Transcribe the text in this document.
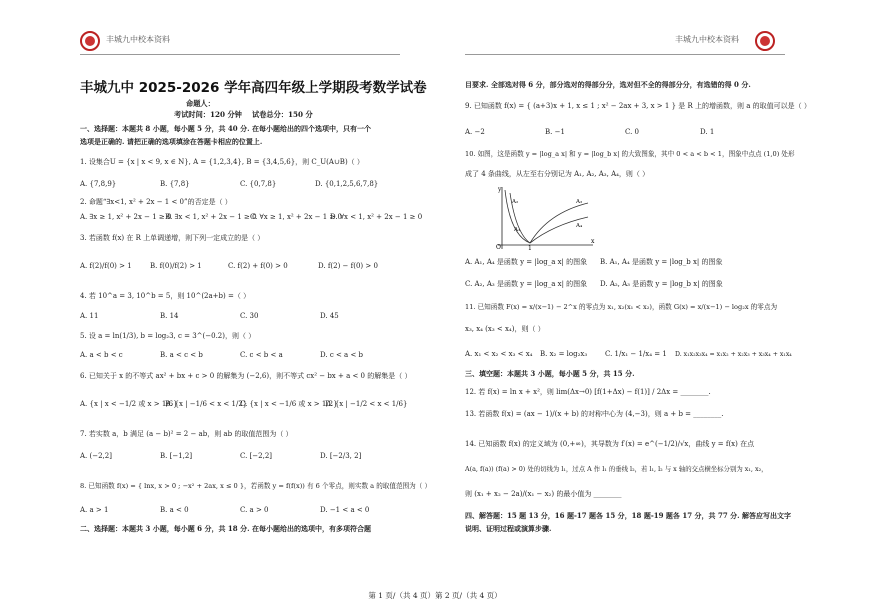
丰城九中校本资料
丰城九中 2025-2026 学年高四年级上学期段考数学试卷
命题人：
考试时间：120 分钟 试卷总分：150 分
一、选择题：本题共 8 小题，每小题 5 分，共 40 分. 在每小题给出的四个选项中，只有一个
选项是正确的. 请把正确的选项填涂在答题卡相应的位置上.
1. 设集合U = {x | x < 9, x ∈ N}, A = {1,2,3,4}, B = {3,4,5,6}，则 C_U(A∪B)（ ）
A. {7,8,9}	B. {7,8}	C. {0,7,8}	D. {0,1,2,5,6,7,8}
2. 命题“∃x<1, x² + 2x − 1 < 0”的否定是（ ）
A. ∃x ≥ 1, x² + 2x − 1 ≥ 0
B. ∃x < 1, x² + 2x − 1 ≥ 0
C. ∀x ≥ 1, x² + 2x − 1 ≥ 0
D. ∀x < 1, x² + 2x − 1 ≥ 0
3. 若函数 f(x) 在 R 上单调递增，则下列一定成立的是（ ）
A. f(2)/f(0) > 1	B. f(0)/f(2) > 1	C. f(2) + f(0) > 0	D. f(2) − f(0) > 0
4. 若 10^a = 3, 10^b = 5，则 10^(2a+b) =（ ）
A. 11	B. 14	C. 30	D. 45
5. 设 a = ln(1/3), b = log₂3, c = 3^(−0.2)，则（ ）
A. a < b < c	B. a < c < b	C. c < b < a	D. c < a < b
6. 已知关于 x 的不等式 ax² + bx + c > 0 的解集为 (−2,6)，则不等式 cx² − bx + a < 0 的解集是（ ）
A. {x | x < −1/2 或 x > 1/6}
B. {x | −1/6 < x < 1/2}
C. {x | x < −1/6 或 x > 1/2}
D. {x | −1/2 < x < 1/6}
7. 若实数 a，b 满足 (a − b)² = 2 − ab，则 ab 的取值范围为（ ）
A. (−2,2]	B. [−1,2]	C. [−2,2]	D. [−2/3, 2]
8. 已知函数 f(x) = { lnx, x > 0 ; −x² + 2ax, x ≤ 0 }，若函数 y = f(f(x)) 有 6 个零点，则实数 a 的取值范围为（ ）
A. a > 1	B. a < 0	C. a > 0	D. −1 < a < 0
二、选择题：本题共 3 小题，每小题 6 分，共 18 分. 在每小题给出的选项中，有多项符合题
丰城九中校本资料
目要求. 全部选对得 6 分，部分选对的得部分分，选对但不全的得部分分，有选错的得 0 分.
9. 已知函数 f(x) = { (a+3)x + 1, x ≤ 1 ; x² − 2ax + 3, x > 1 } 是 R 上的增函数，则 a 的取值可以是（ ）
A. −2	B. −1	C. 0	D. 1
10. 如图，这是函数 y = |log_a x| 和 y = |log_b x| 的大致图象，其中 0 < a < b < 1，图象中点点 (1,0) 处形
成了 4 条曲线，从左至右分别记为 A₁, A₂, A₃, A₄，则（ ）
y
x
O	1
A₁
A₂	A₃
A₄
A. A₁, A₄ 是函数 y = |log_a x| 的图象 B. A₁, A₄ 是函数 y = |log_b x| 的图象
C. A₂, A₃ 是函数 y = |log_a x| 的图象 D. A₂, A₃ 是函数 y = |log_b x| 的图象
11. 已知函数 F(x) = x/(x−1) − 2^x 的零点为 x₁, x₂(x₁ < x₂)，函数 G(x) = x/(x−1) − log₂x 的零点为
x₃, x₄ (x₃ < x₄)，则（ ）
A. x₁ < x₂ < x₃ < x₄ B. x₂ = log₂x₃	C. 1/x₁ − 1/x₄ = 1 D. x₁x₂x₃x₄ = x₁x₂ + x₂x₃ + x₃x₄ + x₁x₄
三、填空题：本题共 3 小题，每小题 5 分，共 15 分.
12. 若 f(x) = ln x + x²，则 lim(Δx→0) [f(1+Δx) − f(1)] / 2Δx = ________.
13. 若函数 f(x) = (ax − 1)/(x + b) 的对称中心为 (4,−3)，则 a + b = ________.
14. 已知函数 f(x) 的定义域为 (0,+∞)，其导数为 f′(x) = e^(−1/2)/√x，曲线 y = f(x) 在点
A(a, f(a)) (f(a) > 0) 处的切线为 l₁，过点 A 作 l₁ 的垂线 l₂，若 l₁, l₂ 与 x 轴的交点横坐标分别为 x₁, x₂，
则 (x₁ + x₂ − 2a)/(x₁ − x₂) 的最小值为 ________
四、解答题：15 题 13 分，16 题-17 题各 15 分，18 题-19 题各 17 分，共 77 分. 解答应写出文字
说明、证明过程或演算步骤.
第 1 页/（共 4 页）第 2 页/（共 4 页）
